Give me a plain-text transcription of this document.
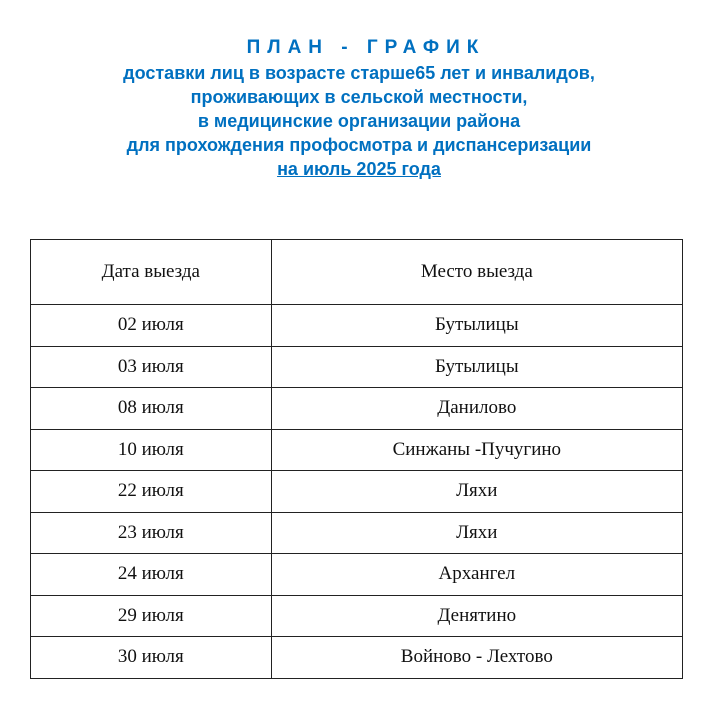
ПЛАН - ГРАФИК
доставки лиц в возрасте старше65 лет и инвалидов,
проживающих в сельской местности,
в медицинские организации района
для прохождения профосмотра и диспансеризации
на июль 2025 года
Дата выезда	Место выезда
02 июля	Бутылицы
03 июля	Бутылицы
08 июля	Данилово
10 июля	Синжаны -Пучугино
22 июля	Ляхи
23 июля	Ляхи
24 июля	Архангел
29 июля	Денятино
30 июля	Войново - Лехтово
